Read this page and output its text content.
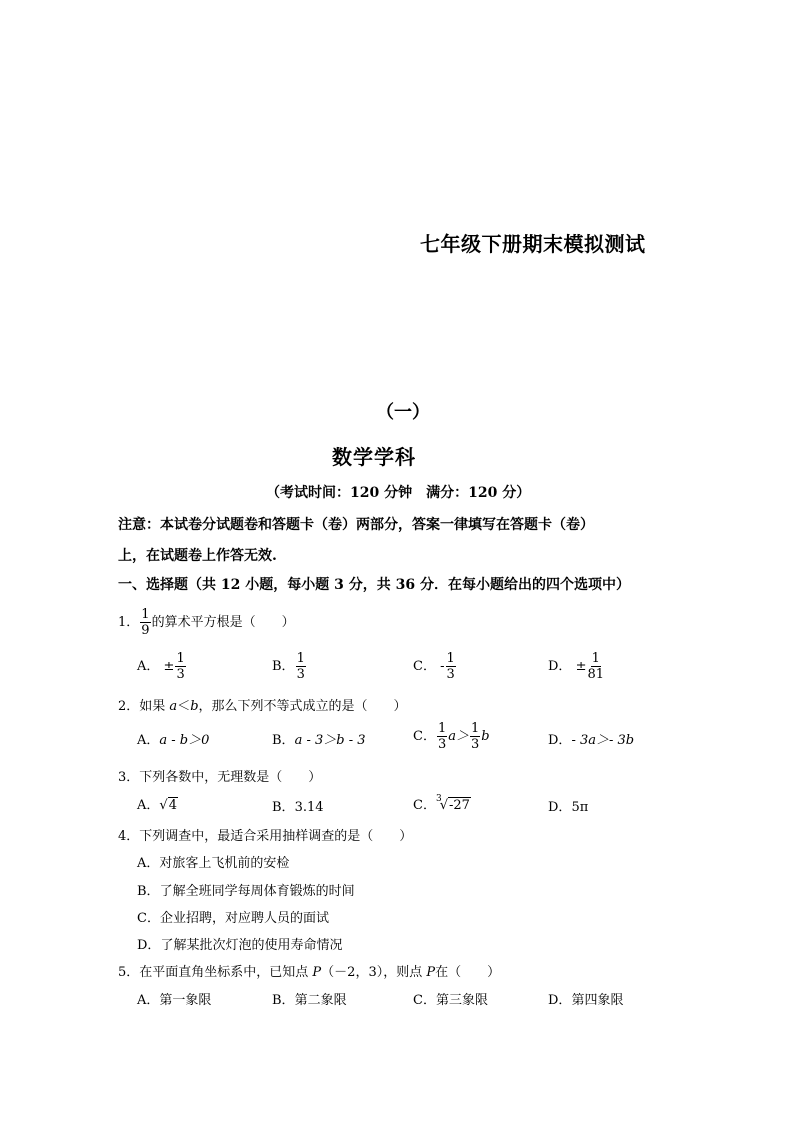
七年级下册期末模拟测试
（一）
数学学科
（考试时间：120 分钟　满分：120 分）
注意：本试卷分试题卷和答题卡（卷）两部分，答案一律填写在答题卡（卷）
上，在试题卷上作答无效.
一、选择题（共 12 小题，每小题 3 分，共 36 分．在每小题给出的四个选项中）
1． $\frac{1}{9}$ 的算术平方根是（　　）
A． ± $\frac{1}{3}$	B． $\frac{1}{3}$	C． - $\frac{1}{3}$	D． ± $\frac{1}{81}$
2．如果 a＜b，那么下列不等式成立的是（　　）
A．a - b＞0	B．a - 3＞b - 3	C． $\frac{1}{3} a> \frac{1}{3}$ b	D．- 3a＞- 3b
3．下列各数中，无理数是（　　）
A．√4	B．3.14	C．$^3$√-27	D．5π
4．下列调查中，最适合采用抽样调查的是（　　）
A．对旅客上飞机前的安检
B．了解全班同学每周体育锻炼的时间
C．企业招聘，对应聘人员的面试
D．了解某批次灯泡的使用寿命情况
5．在平面直角坐标系中，已知点 P（－2，3），则点 P在（　　）
A．第一象限	B．第二象限	C．第三象限	D．第四象限
